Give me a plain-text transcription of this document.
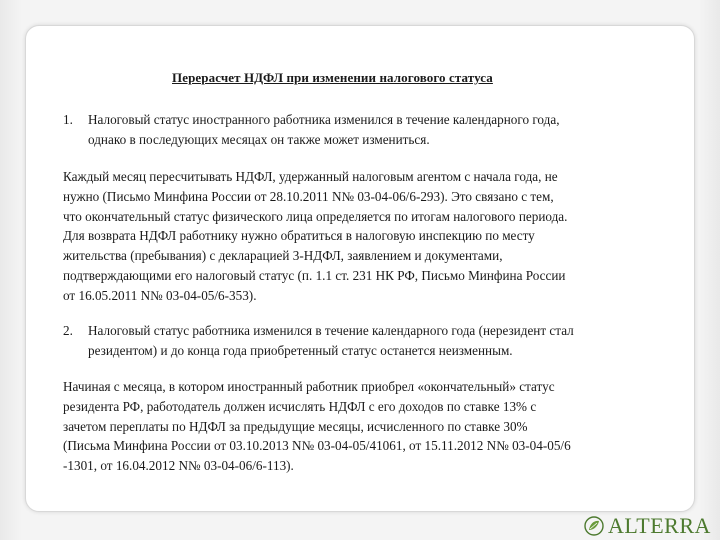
Перерасчет НДФЛ при изменении налогового статуса
1. Налоговый статус иностранного работника изменился в течение календарного года,
однако в последующих месяцах он также может измениться.
Каждый месяц пересчитывать НДФЛ, удержанный налоговым агентом с начала года, не
нужно (Письмо Минфина России от 28.10.2011 N№ 03-04-06/6-293). Это связано с тем,
что окончательный статус физического лица определяется по итогам налогового периода.
Для возврата НДФЛ работнику нужно обратиться в налоговую инспекцию по месту
жительства (пребывания) с декларацией 3-НДФЛ, заявлением и документами,
подтверждающими его налоговый статус (п. 1.1 ст. 231 НК РФ, Письмо Минфина России
от 16.05.2011 N№ 03-04-05/6-353).
2. Налоговый статус работника изменился в течение календарного года (нерезидент стал
резидентом) и до конца года приобретенный статус останется неизменным.
Начиная с месяца, в котором иностранный работник приобрел «окончательный» статус
резидента РФ, работодатель должен исчислять НДФЛ с его доходов по ставке 13% с
зачетом переплаты по НДФЛ за предыдущие месяцы, исчисленного по ставке 30%
(Письма Минфина России от 03.10.2013 N№ 03-04-05/41061, от 15.11.2012 N№ 03-04-05/6
-1301, от 16.04.2012 N№ 03-04-06/6-113).
ALTERRA
